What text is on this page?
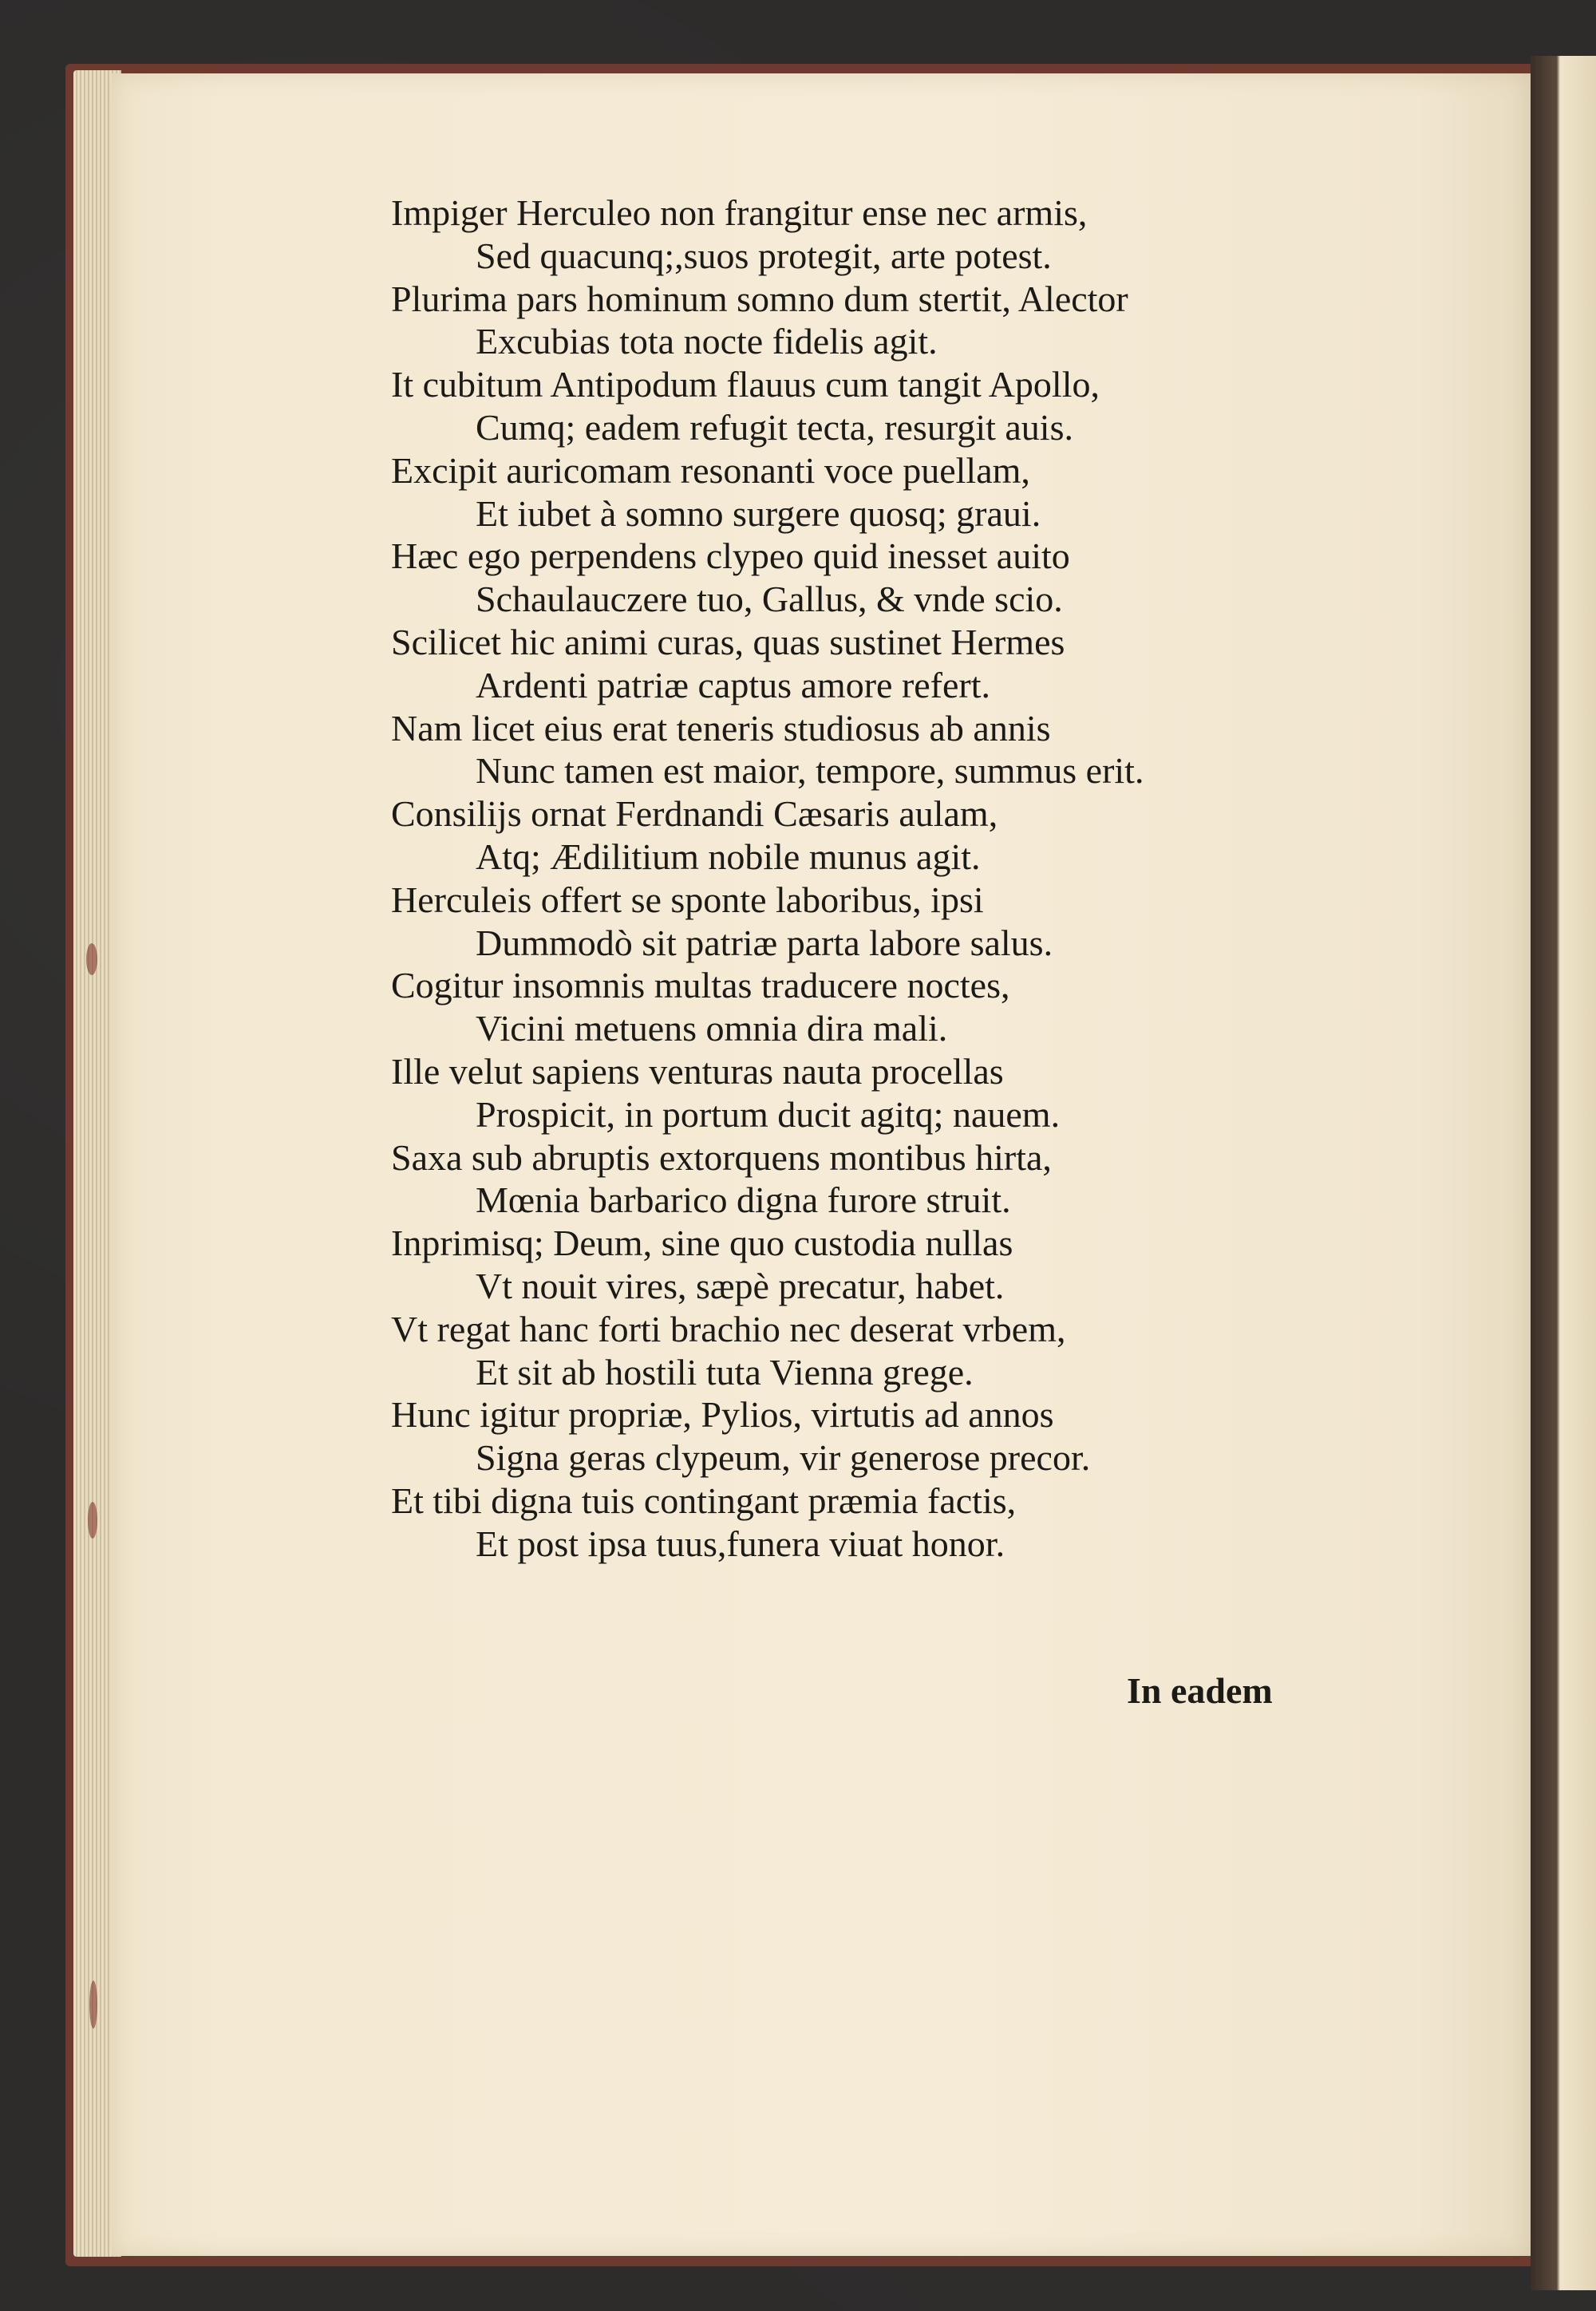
Impiger Herculeo non frangitur ense nec armis,
Sed quacunq;,suos protegit, arte potest.
Plurima pars hominum somno dum stertit, Alector
Excubias tota nocte fidelis agit.
It cubitum Antipodum flauus cum tangit Apollo,
Cumq; eadem refugit tecta, resurgit auis.
Excipit auricomam resonanti voce puellam,
Et iubet à somno surgere quosq; graui.
Hæc ego perpendens clypeo quid inesset auito
Schaulauczere tuo, Gallus, & vnde scio.
Scilicet hic animi curas, quas sustinet Hermes
Ardenti patriæ captus amore refert.
Nam licet eius erat teneris studiosus ab annis
Nunc tamen est maior, tempore, summus erit.
Consilijs ornat Ferdnandi Cæsaris aulam,
Atq; Ædilitium nobile munus agit.
Herculeis offert se sponte laboribus, ipsi
Dummodò sit patriæ parta labore salus.
Cogitur insomnis multas traducere noctes,
Vicini metuens omnia dira mali.
Ille velut sapiens venturas nauta procellas
Prospicit, in portum ducit agitq; nauem.
Saxa sub abruptis extorquens montibus hirta,
Mœnia barbarico digna furore struit.
Inprimisq; Deum, sine quo custodia nullas
Vt nouit vires, sæpè precatur, habet.
Vt regat hanc forti brachio nec deserat vrbem,
Et sit ab hostili tuta Vienna grege.
Hunc igitur propriæ, Pylios, virtutis ad annos
Signa geras clypeum, vir generose precor.
Et tibi digna tuis contingant præmia factis,
Et post ipsa tuus,funera viuat honor.
In eadem
